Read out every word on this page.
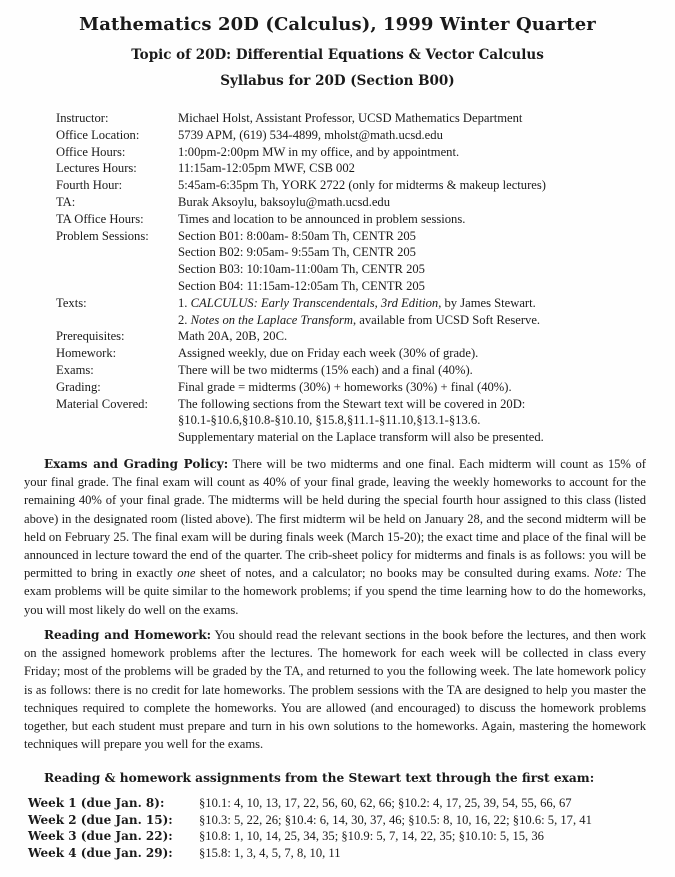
Mathematics 20D (Calculus), 1999 Winter Quarter
Topic of 20D: Differential Equations & Vector Calculus
Syllabus for 20D (Section B00)
Instructor:	Michael Holst, Assistant Professor, UCSD Mathematics Department
Office Location:	5739 APM, (619) 534-4899, mholst@math.ucsd.edu
Office Hours:	1:00pm-2:00pm MW in my office, and by appointment.
Lectures Hours:	11:15am-12:05pm MWF, CSB 002
Fourth Hour:	5:45am-6:35pm Th, YORK 2722 (only for midterms & makeup lectures)
TA:	Burak Aksoylu, baksoylu@math.ucsd.edu
TA Office Hours:	Times and location to be announced in problem sessions.
Problem Sessions:	Section B01: 8:00am- 8:50am Th, CENTR 205
Section B02: 9:05am- 9:55am Th, CENTR 205
Section B03: 10:10am-11:00am Th, CENTR 205
Section B04: 11:15am-12:05am Th, CENTR 205
Texts:	1. CALCULUS: Early Transcendentals, 3rd Edition, by James Stewart.
2. Notes on the Laplace Transform, available from UCSD Soft Reserve.
Prerequisites:	Math 20A, 20B, 20C.
Homework:	Assigned weekly, due on Friday each week (30% of grade).
Exams:	There will be two midterms (15% each) and a final (40%).
Grading:	Final grade = midterms (30%) + homeworks (30%) + final (40%).
Material Covered:	The following sections from the Stewart text will be covered in 20D:
§10.1-§10.6,§10.8-§10.10, §15.8,§11.1-§11.10,§13.1-§13.6.
Supplementary material on the Laplace transform will also be presented.

Exams and Grading Policy: There will be two midterms and one final. Each midterm will count as 15% of your final grade. The final exam will count as 40% of your final grade, leaving the weekly homeworks to account for the remaining 40% of your final grade. The midterms will be held during the special fourth hour assigned to this class (listed above) in the designated room (listed above). The first midterm wil be held on January 28, and the second midterm will be held on February 25. The final exam will be during finals week (March 15-20); the exact time and place of the final will be announced in lecture toward the end of the quarter. The crib-sheet policy for midterms and finals is as follows: you will be permitted to bring in exactly one sheet of notes, and a calculator; no books may be consulted during exams. Note: The exam problems will be quite similar to the homework problems; if you spend the time learning how to do the homeworks, you will most likely do well on the exams.

Reading and Homework: You should read the relevant sections in the book before the lectures, and then work on the assigned homework problems after the lectures. The homework for each week will be collected in class every Friday; most of the problems will be graded by the TA, and returned to you the following week. The late homework policy is as follows: there is no credit for late homeworks. The problem sessions with the TA are designed to help you master the techniques required to complete the homeworks. You are allowed (and encouraged) to discuss the homework problems together, but each student must prepare and turn in his own solutions to the homeworks. Again, mastering the homework techniques will prepare you well for the exams.

Reading & homework assignments from the Stewart text through the first exam:
Week 1 (due Jan. 8):	§10.1: 4, 10, 13, 17, 22, 56, 60, 62, 66; §10.2: 4, 17, 25, 39, 54, 55, 66, 67
Week 2 (due Jan. 15):	§10.3: 5, 22, 26; §10.4: 6, 14, 30, 37, 46; §10.5: 8, 10, 16, 22; §10.6: 5, 17, 41
Week 3 (due Jan. 22):	§10.8: 1, 10, 14, 25, 34, 35; §10.9: 5, 7, 14, 22, 35; §10.10: 5, 15, 36
Week 4 (due Jan. 29):	§15.8: 1, 3, 4, 5, 7, 8, 10, 11
